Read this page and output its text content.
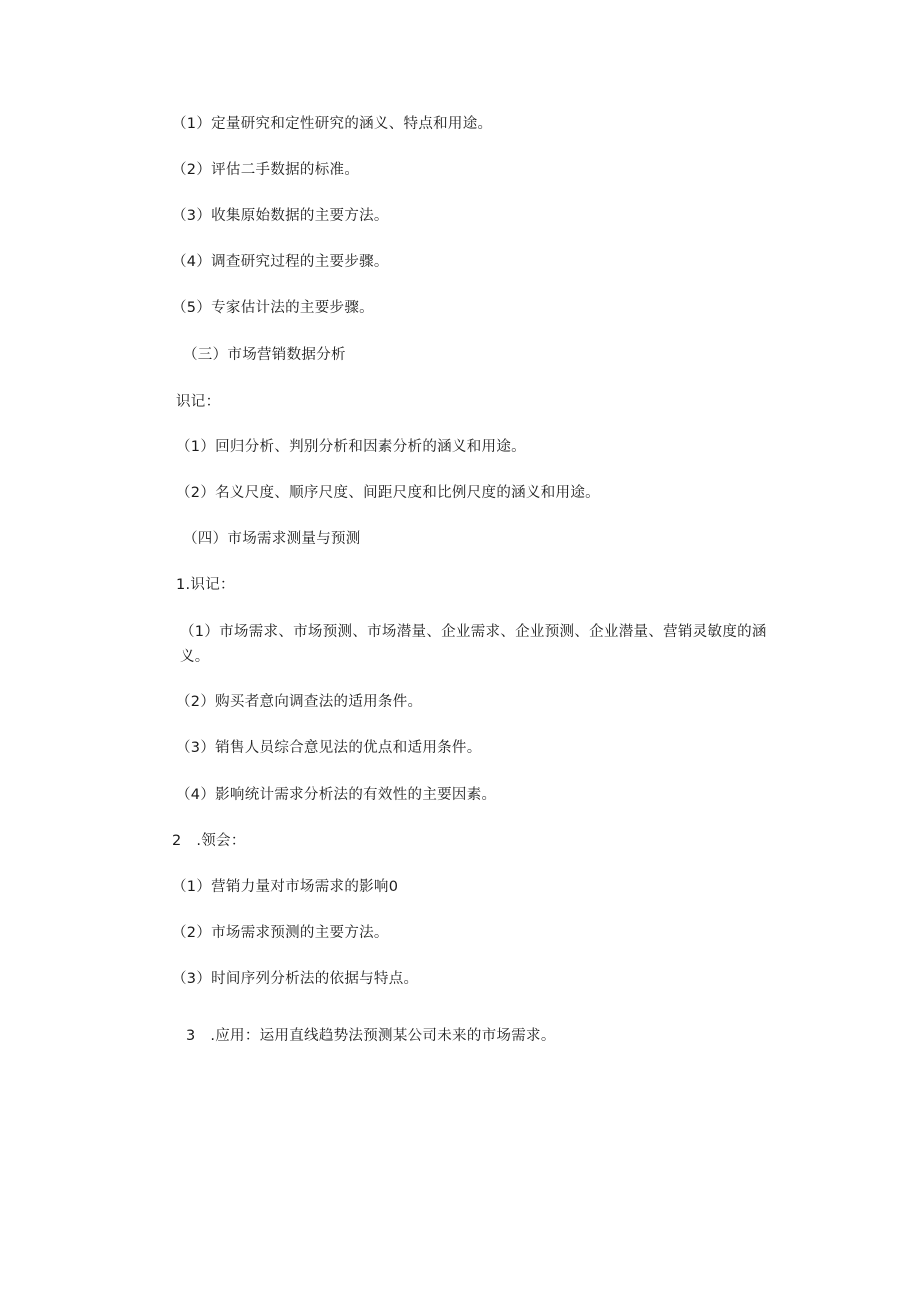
（1）定量研究和定性研究的涵义、特点和用途。
（2）评估二手数据的标准。
（3）收集原始数据的主要方法。
（4）调查研究过程的主要步骤。
（5）专家估计法的主要步骤。
（三）市场营销数据分析
识记：
（1）回归分析、判别分析和因素分析的涵义和用途。
（2）名义尺度、顺序尺度、间距尺度和比例尺度的涵义和用途。
（四）市场需求测量与预测
1.识记：
（1）市场需求、市场预测、市场潜量、企业需求、企业预测、企业潜量、营销灵敏度的涵义。
（2）购买者意向调查法的适用条件。
（3）销售人员综合意见法的优点和适用条件。
（4）影响统计需求分析法的有效性的主要因素。
2　.领会：
（1）营销力量对市场需求的影响0
（2）市场需求预测的主要方法。
（3）时间序列分析法的依据与特点。
3　.应用：运用直线趋势法预测某公司未来的市场需求。
